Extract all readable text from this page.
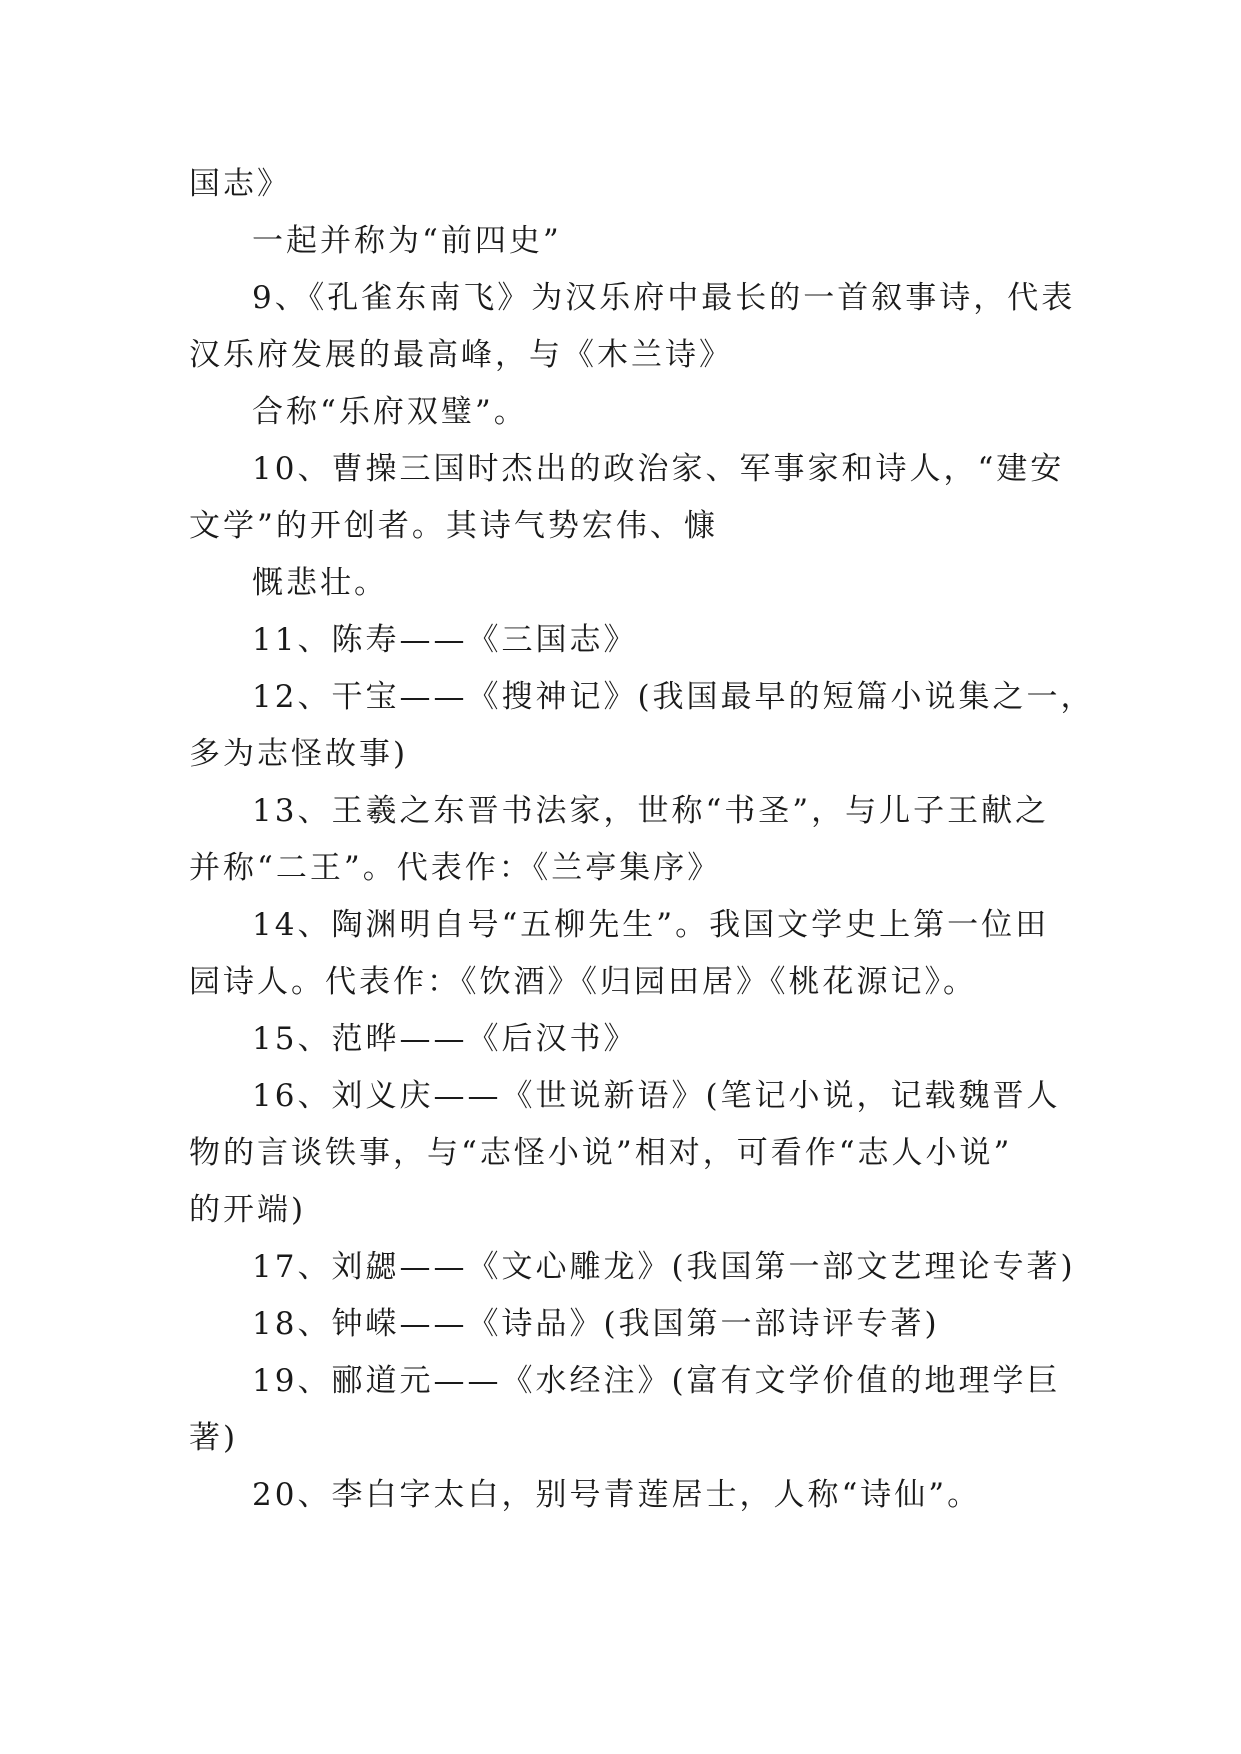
国志》
一起并称为“前四史”
9、《孔雀东南飞》为汉乐府中最长的一首叙事诗，代表
汉乐府发展的最高峰，与《木兰诗》
合称“乐府双璧”。
10、曹操三国时杰出的政治家、军事家和诗人，“建安
文学”的开创者。其诗气势宏伟、慷
慨悲壮。
11、陈寿——《三国志》
12、干宝——《搜神记》(我国最早的短篇小说集之一，
多为志怪故事)
13、王羲之东晋书法家，世称“书圣”，与儿子王献之
并称“二王”。代表作：《兰亭集序》
14、陶渊明自号“五柳先生”。我国文学史上第一位田
园诗人。代表作：《饮酒》《归园田居》《桃花源记》。
15、范晔——《后汉书》
16、刘义庆——《世说新语》(笔记小说，记载魏晋人
物的言谈铁事，与“志怪小说”相对，可看作“志人小说”
的开端)
17、刘勰——《文心雕龙》(我国第一部文艺理论专著)
18、钟嵘——《诗品》(我国第一部诗评专著)
19、郦道元——《水经注》(富有文学价值的地理学巨
著)
20、李白字太白，别号青莲居士，人称“诗仙”。
